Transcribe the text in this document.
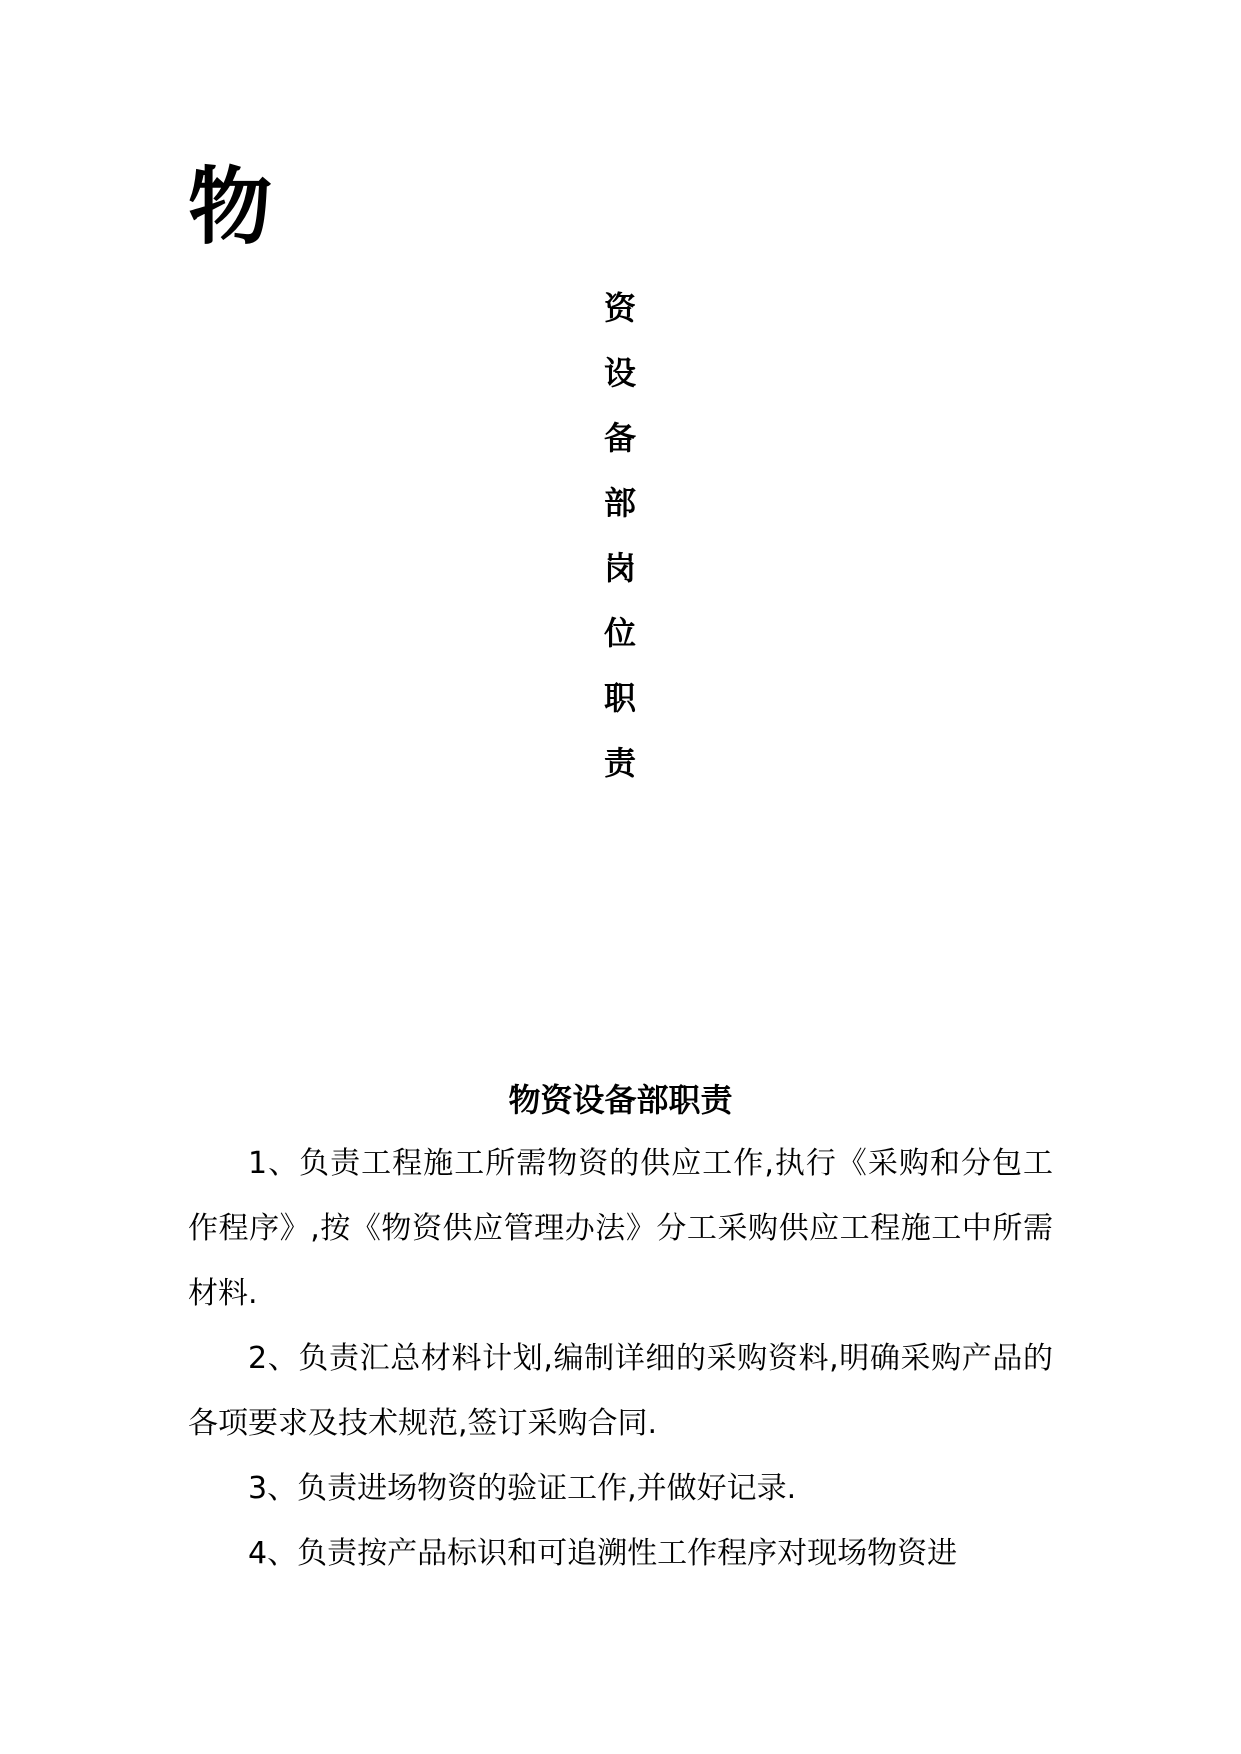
物
资
设
备
部
岗
位
职
责
物资设备部职责

1、负责工程施工所需物资的供应工作,执行《采购和分包工作程序》,按《物资供应管理办法》分工采购供应工程施工中所需材料.

2、负责汇总材料计划,编制详细的采购资料,明确采购产品的各项要求及技术规范,签订采购合同.

3、负责进场物资的验证工作,并做好记录.

4、负责按产品标识和可追溯性工作程序对现场物资进
